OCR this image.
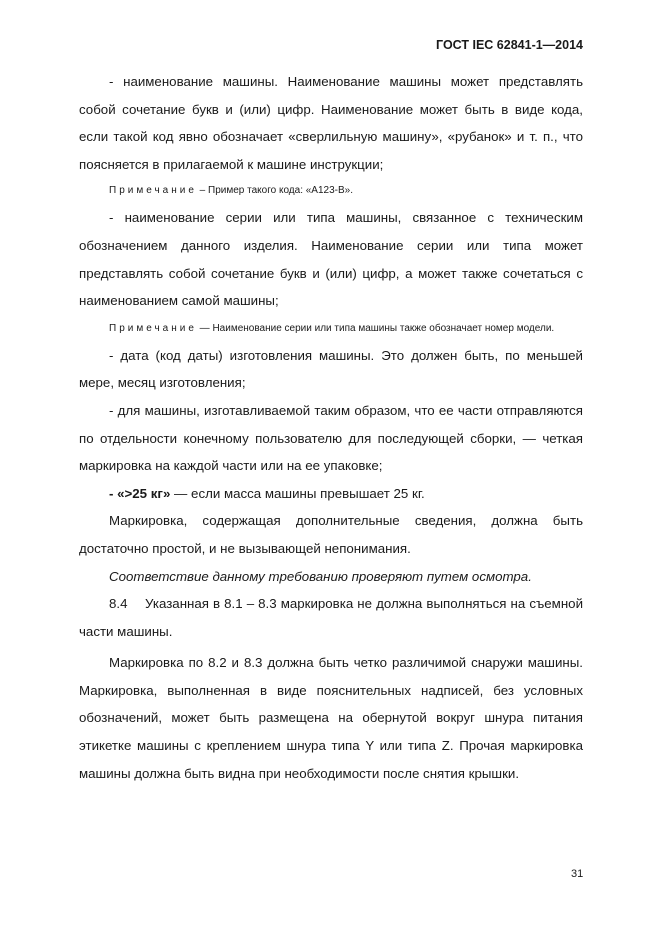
ГОСТ IEC 62841-1—2014

- наименование машины. Наименование машины может представлять собой сочетание букв и (или) цифр. Наименование может быть в виде кода, если такой код явно обозначает «сверлильную машину», «рубанок» и т. п., что поясняется в прилагаемой к машине инструкции;

Примечание – Пример такого кода: «А123-В».

- наименование серии или типа машины, связанное с техническим обозначением данного изделия. Наименование серии или типа может представлять собой сочетание букв и (или) цифр, а может также сочетаться с наименованием самой машины;

Примечание — Наименование серии или типа машины также обозначает номер модели.

- дата (код даты) изготовления машины. Это должен быть, по меньшей мере, месяц изготовления;

- для машины, изготавливаемой таким образом, что ее части отправляются по отдельности конечному пользователю для последующей сборки, — четкая маркировка на каждой части или на ее упаковке;

- «>25 кг» — если масса машины превышает 25 кг.

Маркировка, содержащая дополнительные сведения, должна быть достаточно простой, и не вызывающей непонимания.

Соответствие данному требованию проверяют путем осмотра.

8.4 Указанная в 8.1 – 8.3 маркировка не должна выполняться на съемной части машины.

Маркировка по 8.2 и 8.3 должна быть четко различимой снаружи машины. Маркировка, выполненная в виде пояснительных надписей, без условных обозначений, может быть размещена на обернутой вокруг шнура питания этикетке машины с креплением шнура типа Y или типа Z. Прочая маркировка машины должна быть видна при необходимости после снятия крышки.

31
